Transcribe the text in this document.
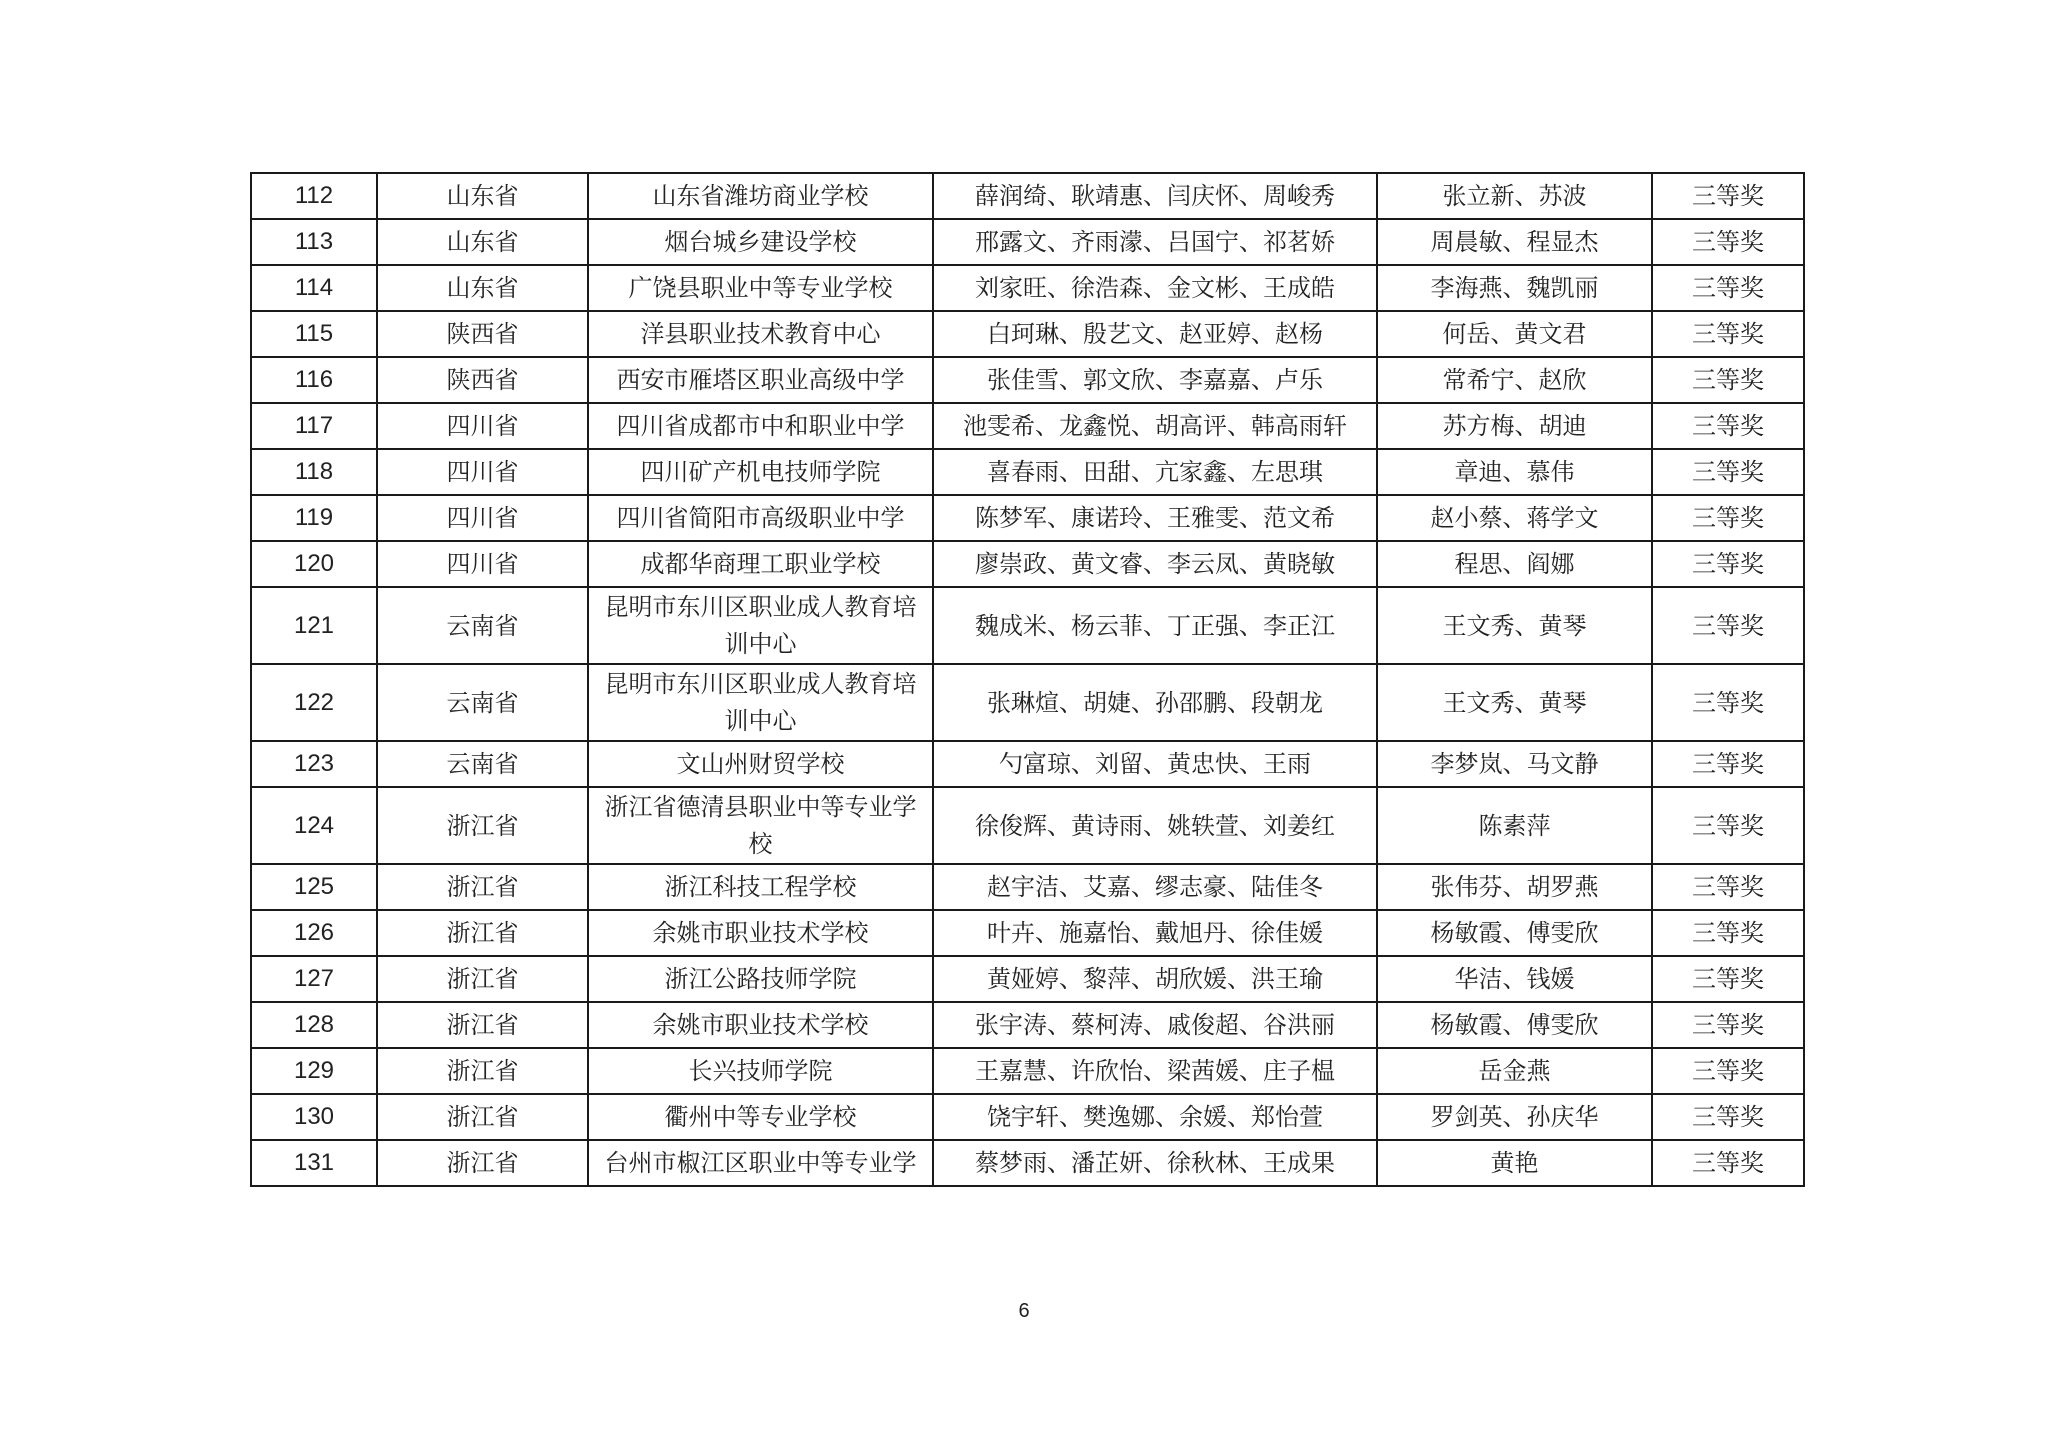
112	山东省	山东省潍坊商业学校	薛润绮、耿靖惠、闫庆怀、周峻秀	张立新、苏波	三等奖
113	山东省	烟台城乡建设学校	邢露文、齐雨濛、吕国宁、祁茗娇	周晨敏、程显杰	三等奖
114	山东省	广饶县职业中等专业学校	刘家旺、徐浩森、金文彬、王成皓	李海燕、魏凯丽	三等奖
115	陕西省	洋县职业技术教育中心	白珂琳、殷艺文、赵亚婷、赵杨	何岳、黄文君	三等奖
116	陕西省	西安市雁塔区职业高级中学	张佳雪、郭文欣、李嘉嘉、卢乐	常希宁、赵欣	三等奖
117	四川省	四川省成都市中和职业中学	池雯希、龙鑫悦、胡高评、韩高雨轩	苏方梅、胡迪	三等奖
118	四川省	四川矿产机电技师学院	喜春雨、田甜、亢家鑫、左思琪	章迪、慕伟	三等奖
119	四川省	四川省简阳市高级职业中学	陈梦军、康诺玲、王雅雯、范文希	赵小蔡、蒋学文	三等奖
120	四川省	成都华商理工职业学校	廖崇政、黄文睿、李云凤、黄晓敏	程思、阎娜	三等奖
121	云南省	昆明市东川区职业成人教育培训中心	魏成米、杨云菲、丁正强、李正江	王文秀、黄琴	三等奖
122	云南省	昆明市东川区职业成人教育培训中心	张琳煊、胡婕、孙邵鹏、段朝龙	王文秀、黄琴	三等奖
123	云南省	文山州财贸学校	勺富琼、刘留、黄忠快、王雨	李梦岚、马文静	三等奖
124	浙江省	浙江省德清县职业中等专业学校	徐俊辉、黄诗雨、姚轶萱、刘姜红	陈素萍	三等奖
125	浙江省	浙江科技工程学校	赵宇洁、艾嘉、缪志豪、陆佳冬	张伟芬、胡罗燕	三等奖
126	浙江省	余姚市职业技术学校	叶卉、施嘉怡、戴旭丹、徐佳媛	杨敏霞、傅雯欣	三等奖
127	浙江省	浙江公路技师学院	黄娅婷、黎萍、胡欣媛、洪王瑜	华洁、钱媛	三等奖
128	浙江省	余姚市职业技术学校	张宇涛、蔡柯涛、戚俊超、谷洪丽	杨敏霞、傅雯欣	三等奖
129	浙江省	长兴技师学院	王嘉慧、许欣怡、梁茜媛、庄子榅	岳金燕	三等奖
130	浙江省	衢州中等专业学校	饶宇轩、樊逸娜、余媛、郑怡萱	罗剑英、孙庆华	三等奖
131	浙江省	台州市椒江区职业中等专业学	蔡梦雨、潘芷妍、徐秋林、王成果	黄艳	三等奖
6
